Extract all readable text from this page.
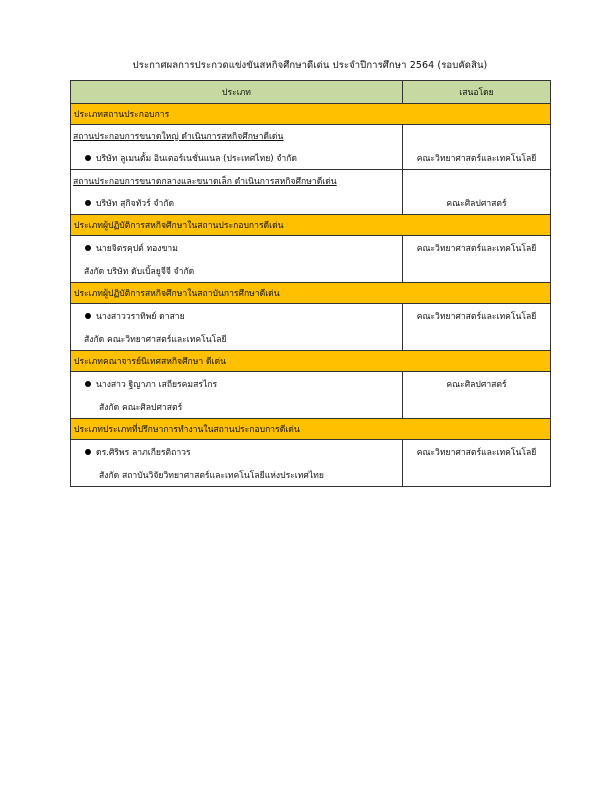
ประกาศผลการประกวดแข่งขันสหกิจศึกษาดีเด่น ประจำปีการศึกษา 2564 (รอบคัดสิน)
ประเภท	เสนอโดย
ประเภทสถานประกอบการ	

สถานประกอบการขนาดใหญ่ ดำเนินการสหกิจศึกษาดีเด่น
บริษัท ลูเมนตั้ม อินเตอร์เนชั่นแนล (ประเทศไทย) จำกัด	คณะวิทยาศาสตร์และเทคโนโลยี

สถานประกอบการขนาดกลางและขนาดเล็ก ดำเนินการสหกิจศึกษาดีเด่น
บริษัท สุกิจทัวร์ จำกัด	คณะศิลปศาสตร์

ประเภทผู้ปฏิบัติการสหกิจศึกษาในสถานประกอบการดีเด่น	

นายจิตรคุปต์ ทองขาม
สังกัด บริษัท ดับเบิ้ลยูจีจี จำกัด	คณะวิทยาศาสตร์และเทคโนโลยี

ประเภทผู้ปฏิบัติการสหกิจศึกษาในสถาบันการศึกษาดีเด่น	

นางสาววราทิพย์ ดาสาย
สังกัด คณะวิทยาศาสตร์และเทคโนโลยี	คณะวิทยาศาสตร์และเทคโนโลยี

ประเภทคณาจารย์นิเทศสหกิจศึกษา ดีเด่น	

นางสาว ฐิญาภา เสถียรคมสรไกร
สังกัด คณะศิลปศาสตร์	คณะศิลปศาสตร์

ประเภทประเภทที่ปรึกษาการทำงานในสถานประกอบการดีเด่น	

ดร.ศิริพร ลาภเกียรติถาวร
สังกัด สถาบันวิจัยวิทยาศาสตร์และเทคโนโลยีแห่งประเทศไทย	คณะวิทยาศาสตร์และเทคโนโลยี
